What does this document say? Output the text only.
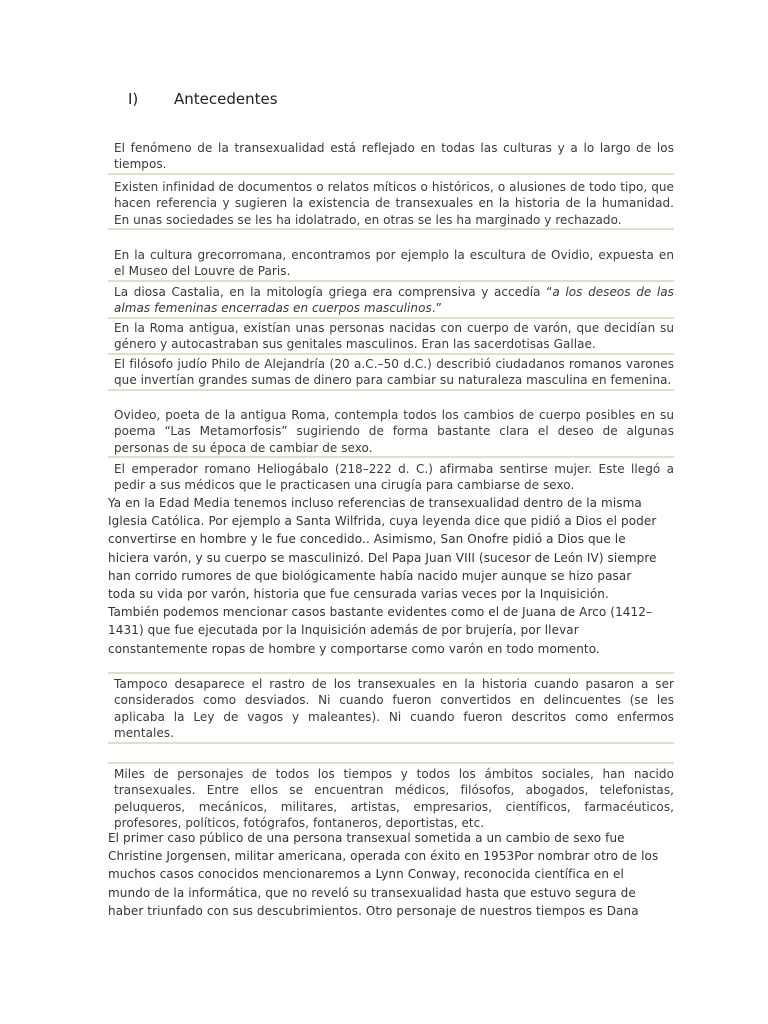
I)	Antecedentes

El fenómeno de la transexualidad está reflejado en todas las culturas y a lo largo de los tiempos.

Existen infinidad de documentos o relatos míticos o históricos, o alusiones de todo tipo, que hacen referencia y sugieren la existencia de transexuales en la historia de la humanidad. En unas sociedades se les ha idolatrado, en otras se les ha marginado y rechazado.

En la cultura grecorromana, encontramos por ejemplo la escultura de Ovidio, expuesta en el Museo del Louvre de Paris.

La diosa Castalia, en la mitología griega era comprensiva y accedía “a los deseos de las almas femeninas encerradas en cuerpos masculinos.”

En la Roma antigua, existían unas personas nacidas con cuerpo de varón, que decidían su género y autocastraban sus genitales masculinos. Eran las sacerdotisas Gallae.

El filósofo judío Philo de Alejandría (20 a.C.–50 d.C.) describió ciudadanos romanos varones que invertían grandes sumas de dinero para cambiar su naturaleza masculina en femenina.

Ovideo, poeta de la antigua Roma, contempla todos los cambios de cuerpo posibles en su poema “Las Metamorfosis” sugiriendo de forma bastante clara el deseo de algunas personas de su época de cambiar de sexo.

El emperador romano Heliogábalo (218–222 d. C.) afirmaba sentirse mujer. Este llegó a pedir a sus médicos que le practicasen una cirugía para cambiarse de sexo.

Ya en la Edad Media tenemos incluso referencias de transexualidad dentro de la misma Iglesia Católica. Por ejemplo a Santa Wilfrida, cuya leyenda dice que pidió a Dios el poder convertirse en hombre y le fue concedido.. Asimismo, San Onofre pidió a Dios que le hiciera varón, y su cuerpo se masculinizó. Del Papa Juan VIII (sucesor de León IV) siempre han corrido rumores de que biológicamente había nacido mujer aunque se hizo pasar toda su vida por varón, historia que fue censurada varias veces por la Inquisición. También podemos mencionar casos bastante evidentes como el de Juana de Arco (1412–1431) que fue ejecutada por la Inquisición además de por brujería, por llevar constantemente ropas de hombre y comportarse como varón en todo momento.

Tampoco desaparece el rastro de los transexuales en la historia cuando pasaron a ser considerados como desviados. Ni cuando fueron convertidos en delincuentes (se les aplicaba la Ley de vagos y maleantes). Ni cuando fueron descritos como enfermos mentales.

Miles de personajes de todos los tiempos y todos los ámbitos sociales, han nacido transexuales. Entre ellos se encuentran médicos, filósofos, abogados, telefonistas, peluqueros, mecánicos, militares, artistas, empresarios, científicos, farmacéuticos, profesores, políticos, fotógrafos, fontaneros, deportistas, etc.

El primer caso público de una persona transexual sometida a un cambio de sexo fue Christine Jorgensen, militar americana, operada con éxito en 1953Por nombrar otro de los muchos casos conocidos mencionaremos a Lynn Conway, reconocida científica en el mundo de la informática, que no reveló su transexualidad hasta que estuvo segura de haber triunfado con sus descubrimientos. Otro personaje de nuestros tiempos es Dana
